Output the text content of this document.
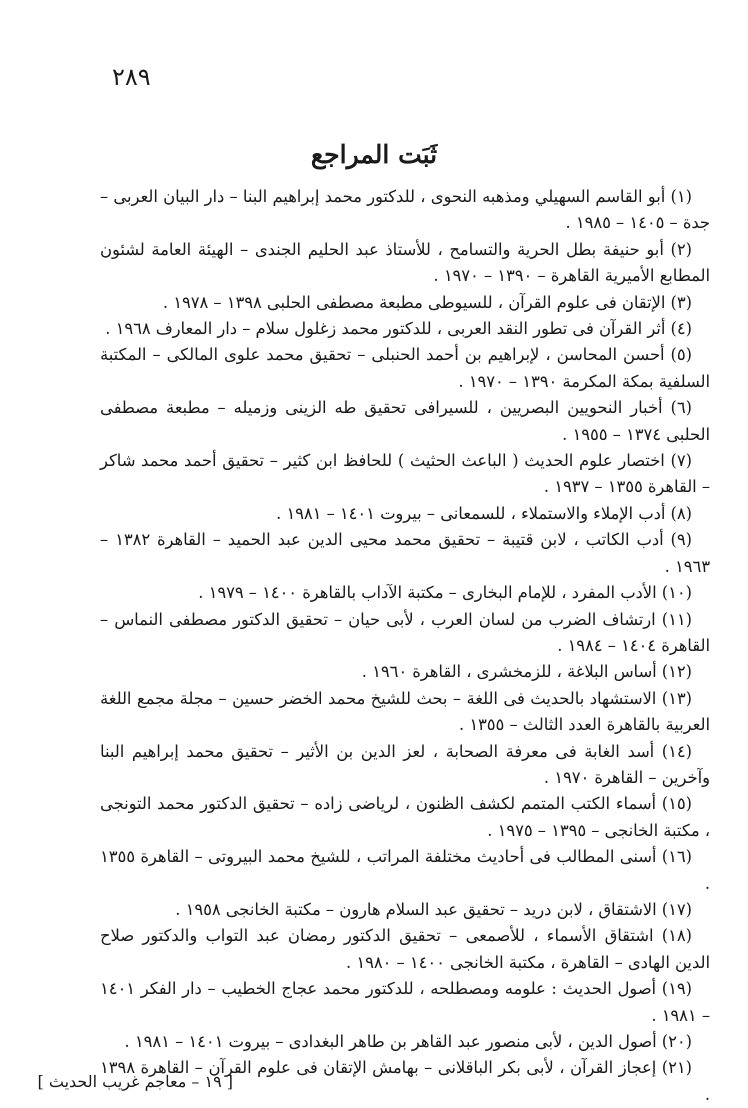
٢٨٩
ثَبَت المراجع

(١) أبو القاسم السهيلي ومذهبه النحوى ، للدكتور محمد إبراهيم البنا – دار البيان العربى – جدة – ١٤٠٥ – ١٩٨٥ .

(٢) أبو حنيفة بطل الحرية والتسامح ، للأستاذ عبد الحليم الجندى – الهيئة العامة لشئون المطابع الأميرية القاهرة – ١٣٩٠ – ١٩٧٠ .

(٣) الإتقان فى علوم القرآن ، للسيوطى مطبعة مصطفى الحلبى ١٣٩٨ – ١٩٧٨ .

(٤) أثر القرآن فى تطور النقد العربى ، للدكتور محمد زغلول سلام – دار المعارف ١٩٦٨ .

(٥) أحسن المحاسن ، لإبراهيم بن أحمد الحنبلى – تحقيق محمد علوى المالكى – المكتبة السلفية بمكة المكرمة ١٣٩٠ – ١٩٧٠ .

(٦) أخبار النحويين البصريين ، للسيرافى تحقيق طه الزينى وزميله – مطبعة مصطفى الحلبى ١٣٧٤ – ١٩٥٥ .

(٧) اختصار علوم الحديث ( الباعث الحثيث ) للحافظ ابن كثير – تحقيق أحمد محمد شاكر – القاهرة ١٣٥٥ – ١٩٣٧ .

(٨) أدب الإملاء والاستملاء ، للسمعانى – بيروت ١٤٠١ – ١٩٨١ .

(٩) أدب الكاتب ، لابن قتيبة – تحقيق محمد محيى الدين عبد الحميد – القاهرة ١٣٨٢ – ١٩٦٣ .

(١٠) الأدب المفرد ، للإمام البخارى – مكتبة الآداب بالقاهرة ١٤٠٠ – ١٩٧٩ .

(١١) ارتشاف الضرب من لسان العرب ، لأبى حيان – تحقيق الدكتور مصطفى النماس – القاهرة ١٤٠٤ – ١٩٨٤ .

(١٢) أساس البلاغة ، للزمخشرى ، القاهرة ١٩٦٠ .

(١٣) الاستشهاد بالحديث فى اللغة – بحث للشيخ محمد الخضر حسين – مجلة مجمع اللغة العربية بالقاهرة العدد الثالث – ١٣٥٥ .

(١٤) أسد الغابة فى معرفة الصحابة ، لعز الدين بن الأثير – تحقيق محمد إبراهيم البنا وآخرين – القاهرة ١٩٧٠ .

(١٥) أسماء الكتب المتمم لكشف الظنون ، لرياضى زاده – تحقيق الدكتور محمد التونجى ، مكتبة الخانجى – ١٣٩٥ – ١٩٧٥ .

(١٦) أسنى المطالب فى أحاديث مختلفة المراتب ، للشيخ محمد البيروتى – القاهرة ١٣٥٥ .

(١٧) الاشتقاق ، لابن دريد – تحقيق عبد السلام هارون – مكتبة الخانجى ١٩٥٨ .

(١٨) اشتقاق الأسماء ، للأصمعى – تحقيق الدكتور رمضان عبد التواب والدكتور صلاح الدين الهادى – القاهرة ، مكتبة الخانجى ١٤٠٠ – ١٩٨٠ .

(١٩) أصول الحديث : علومه ومصطلحه ، للدكتور محمد عجاج الخطيب – دار الفكر ١٤٠١ – ١٩٨١ .

(٢٠) أصول الدين ، لأبى منصور عبد القاهر بن طاهر البغدادى – بيروت ١٤٠١ – ١٩٨١ .

(٢١) إعجاز القرآن ، لأبى بكر الباقلانى – بهامش الإتقان فى علوم القرآن – القاهرة ١٣٩٨ .

[ ١٩ – معاجم غريب الحديث ]
